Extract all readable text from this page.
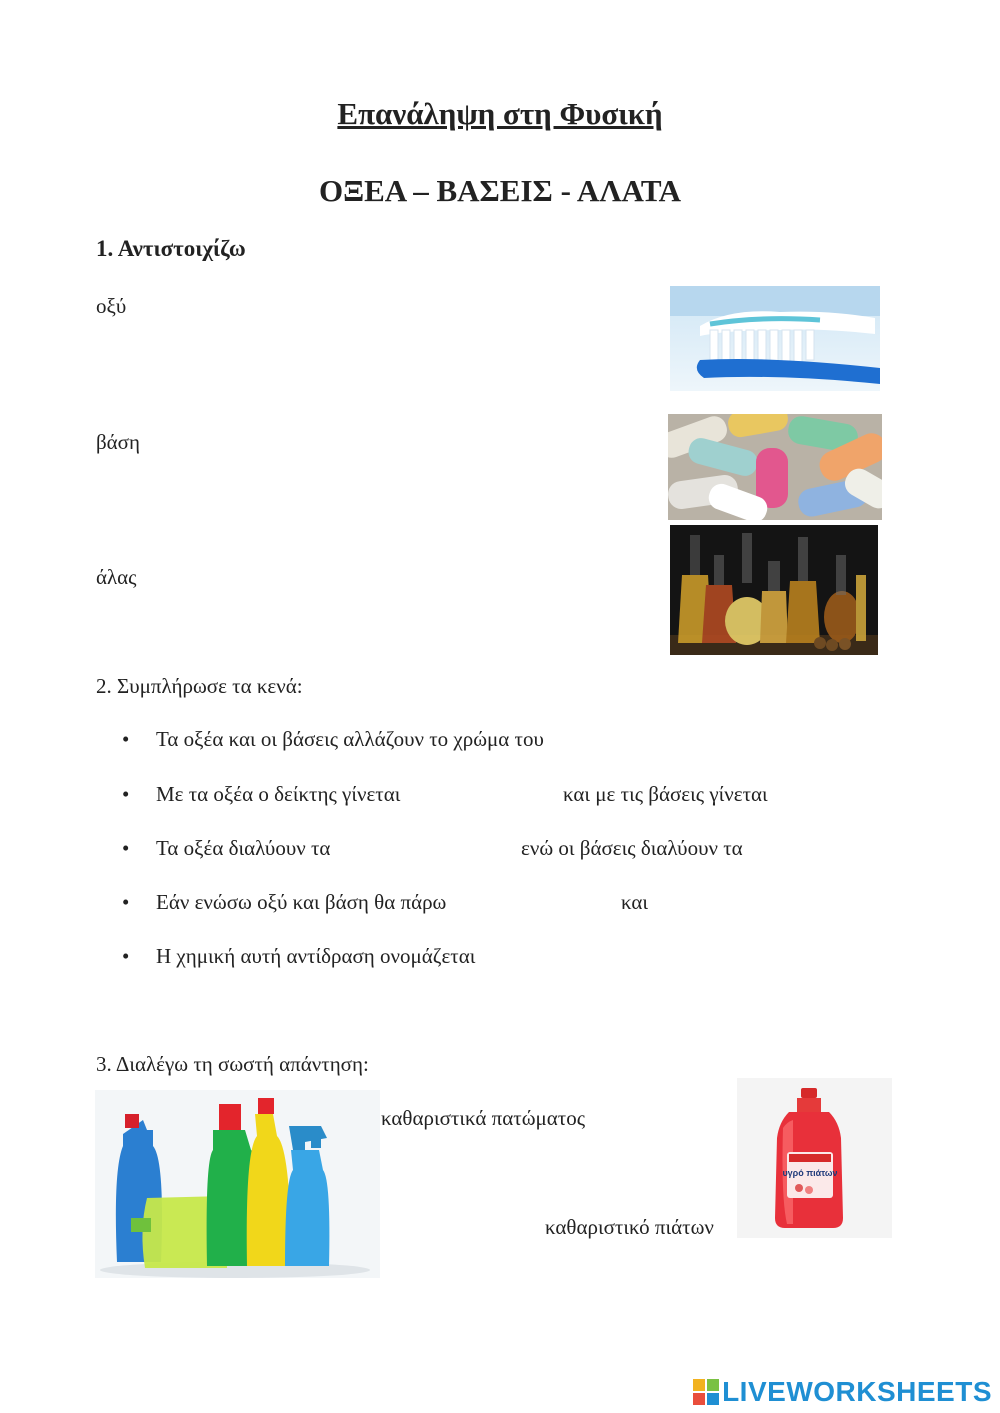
Επανάληψη στη Φυσική
ΟΞΕΑ – ΒΑΣΕΙΣ - ΑΛΑΤΑ
1. Αντιστοιχίζω
οξύ
βάση
άλας
2. Συμπλήρωσε τα κενά:
• Τα οξέα και οι βάσεις αλλάζουν το χρώμα του
• Με τα οξέα ο δείκτης γίνεται	και με τις βάσεις γίνεται
• Τα οξέα διαλύουν τα	ενώ οι βάσεις διαλύουν τα
• Εάν ενώσω οξύ και βάση θα πάρω	και
• Η χημική αυτή αντίδραση ονομάζεται
3. Διαλέγω τη σωστή απάντηση:
καθαριστικά πατώματος
καθαριστικό πιάτων
υγρό πιάτων
LIVEWORKSHEETS
